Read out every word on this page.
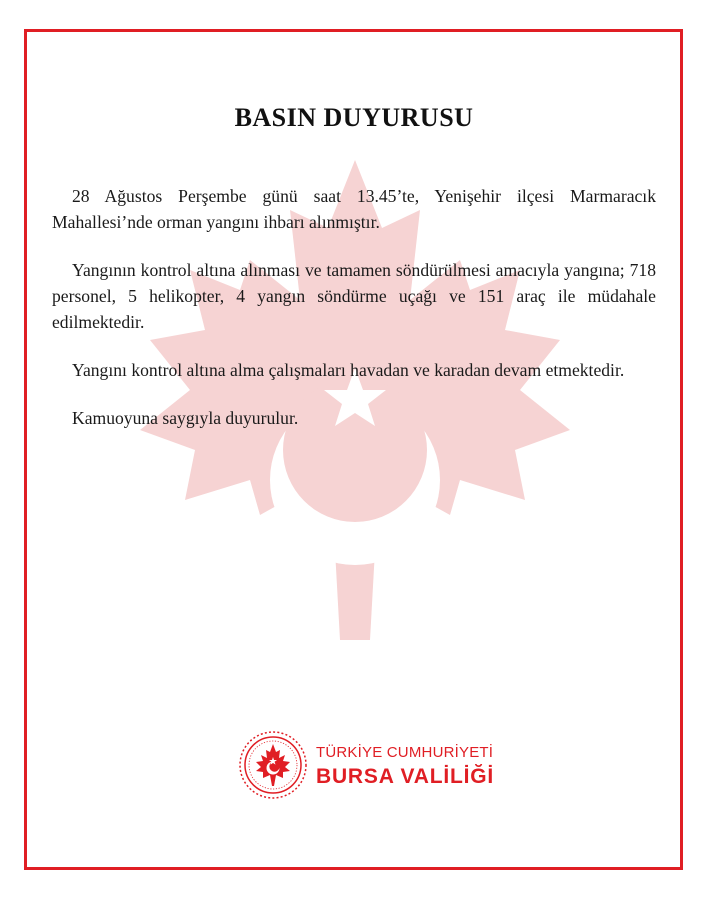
BASIN DUYURUSU

28 Ağustos Perşembe günü saat 13.45’te, Yenişehir ilçesi Marmaracık Mahallesi’nde orman yangını ihbarı alınmıştır.

Yangının kontrol altına alınması ve tamamen söndürülmesi amacıyla yangına; 718 personel, 5 helikopter, 4 yangın söndürme uçağı ve 151 araç ile müdahale edilmektedir.

Yangını kontrol altına alma çalışmaları havadan ve karadan devam etmektedir.

Kamuoyuna saygıyla duyurulur.

TÜRKİYE CUMHURİYETİ
BURSA VALİLİĞİ
